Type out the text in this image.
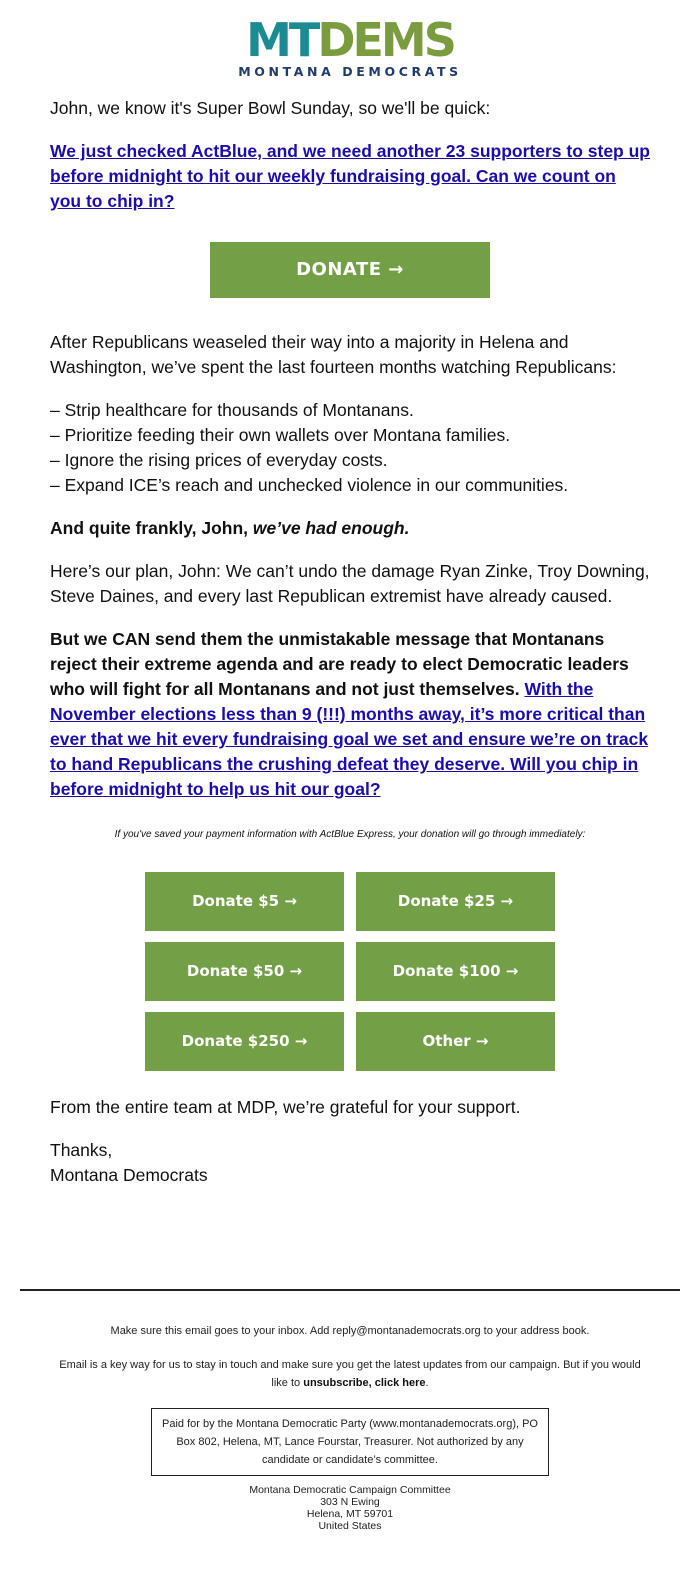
MTDEMS
MONTANA DEMOCRATS

John, we know it's Super Bowl Sunday, so we'll be quick:

We just checked ActBlue, and we need another 23 supporters to step up before midnight to hit our weekly fundraising goal. Can we count on you to chip in?

DONATE →

After Republicans weaseled their way into a majority in Helena and Washington, we’ve spent the last fourteen months watching Republicans:

– Strip healthcare for thousands of Montanans.
– Prioritize feeding their own wallets over Montana families.
– Ignore the rising prices of everyday costs.
– Expand ICE’s reach and unchecked violence in our communities.

And quite frankly, John, we’ve had enough.

Here’s our plan, John: We can’t undo the damage Ryan Zinke, Troy Downing, Steve Daines, and every last Republican extremist have already caused.

But we CAN send them the unmistakable message that Montanans reject their extreme agenda and are ready to elect Democratic leaders who will fight for all Montanans and not just themselves. With the November elections less than 9 (!!!) months away, it’s more critical than ever that we hit every fundraising goal we set and ensure we’re on track to hand Republicans the crushing defeat they deserve. Will you chip in before midnight to help us hit our goal?

If you've saved your payment information with ActBlue Express, your donation will go through immediately:
Donate $5 →	Donate $25 →
Donate $50 →	Donate $100 →
Donate $250 →	Other →

From the entire team at MDP, we’re grateful for your support.

Thanks,
Montana Democrats

Make sure this email goes to your inbox. Add reply@montanademocrats.org to your address book.

Email is a key way for us to stay in touch and make sure you get the latest updates from our campaign. But if you would like to unsubscribe, click here.

Paid for by the Montana Democratic Party (www.montanademocrats.org), PO Box 802, Helena, MT, Lance Fourstar, Treasurer. Not authorized by any candidate or candidate’s committee.
Montana Democratic Campaign Committee
303 N Ewing
Helena, MT 59701
United States
